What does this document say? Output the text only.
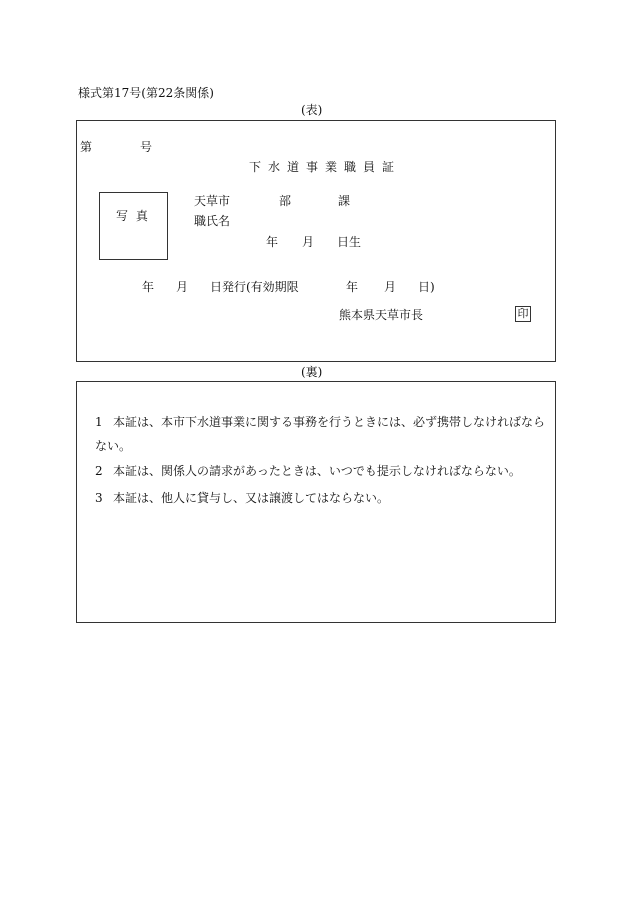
様式第17号(第22条関係)
(表)
第	号
下水道事業職員証
写 真
天草市	部	課
職氏名
年 月 日生
年 月 日発行(有効期限	年 月 日)
熊本県天草市長	印
(裏)
1 本証は、本市下水道事業に関する事務を行うときには、必ず携帯しなければならない。
2 本証は、関係人の請求があったときは、いつでも提示しなければならない。
3 本証は、他人に貸与し、又は譲渡してはならない。
